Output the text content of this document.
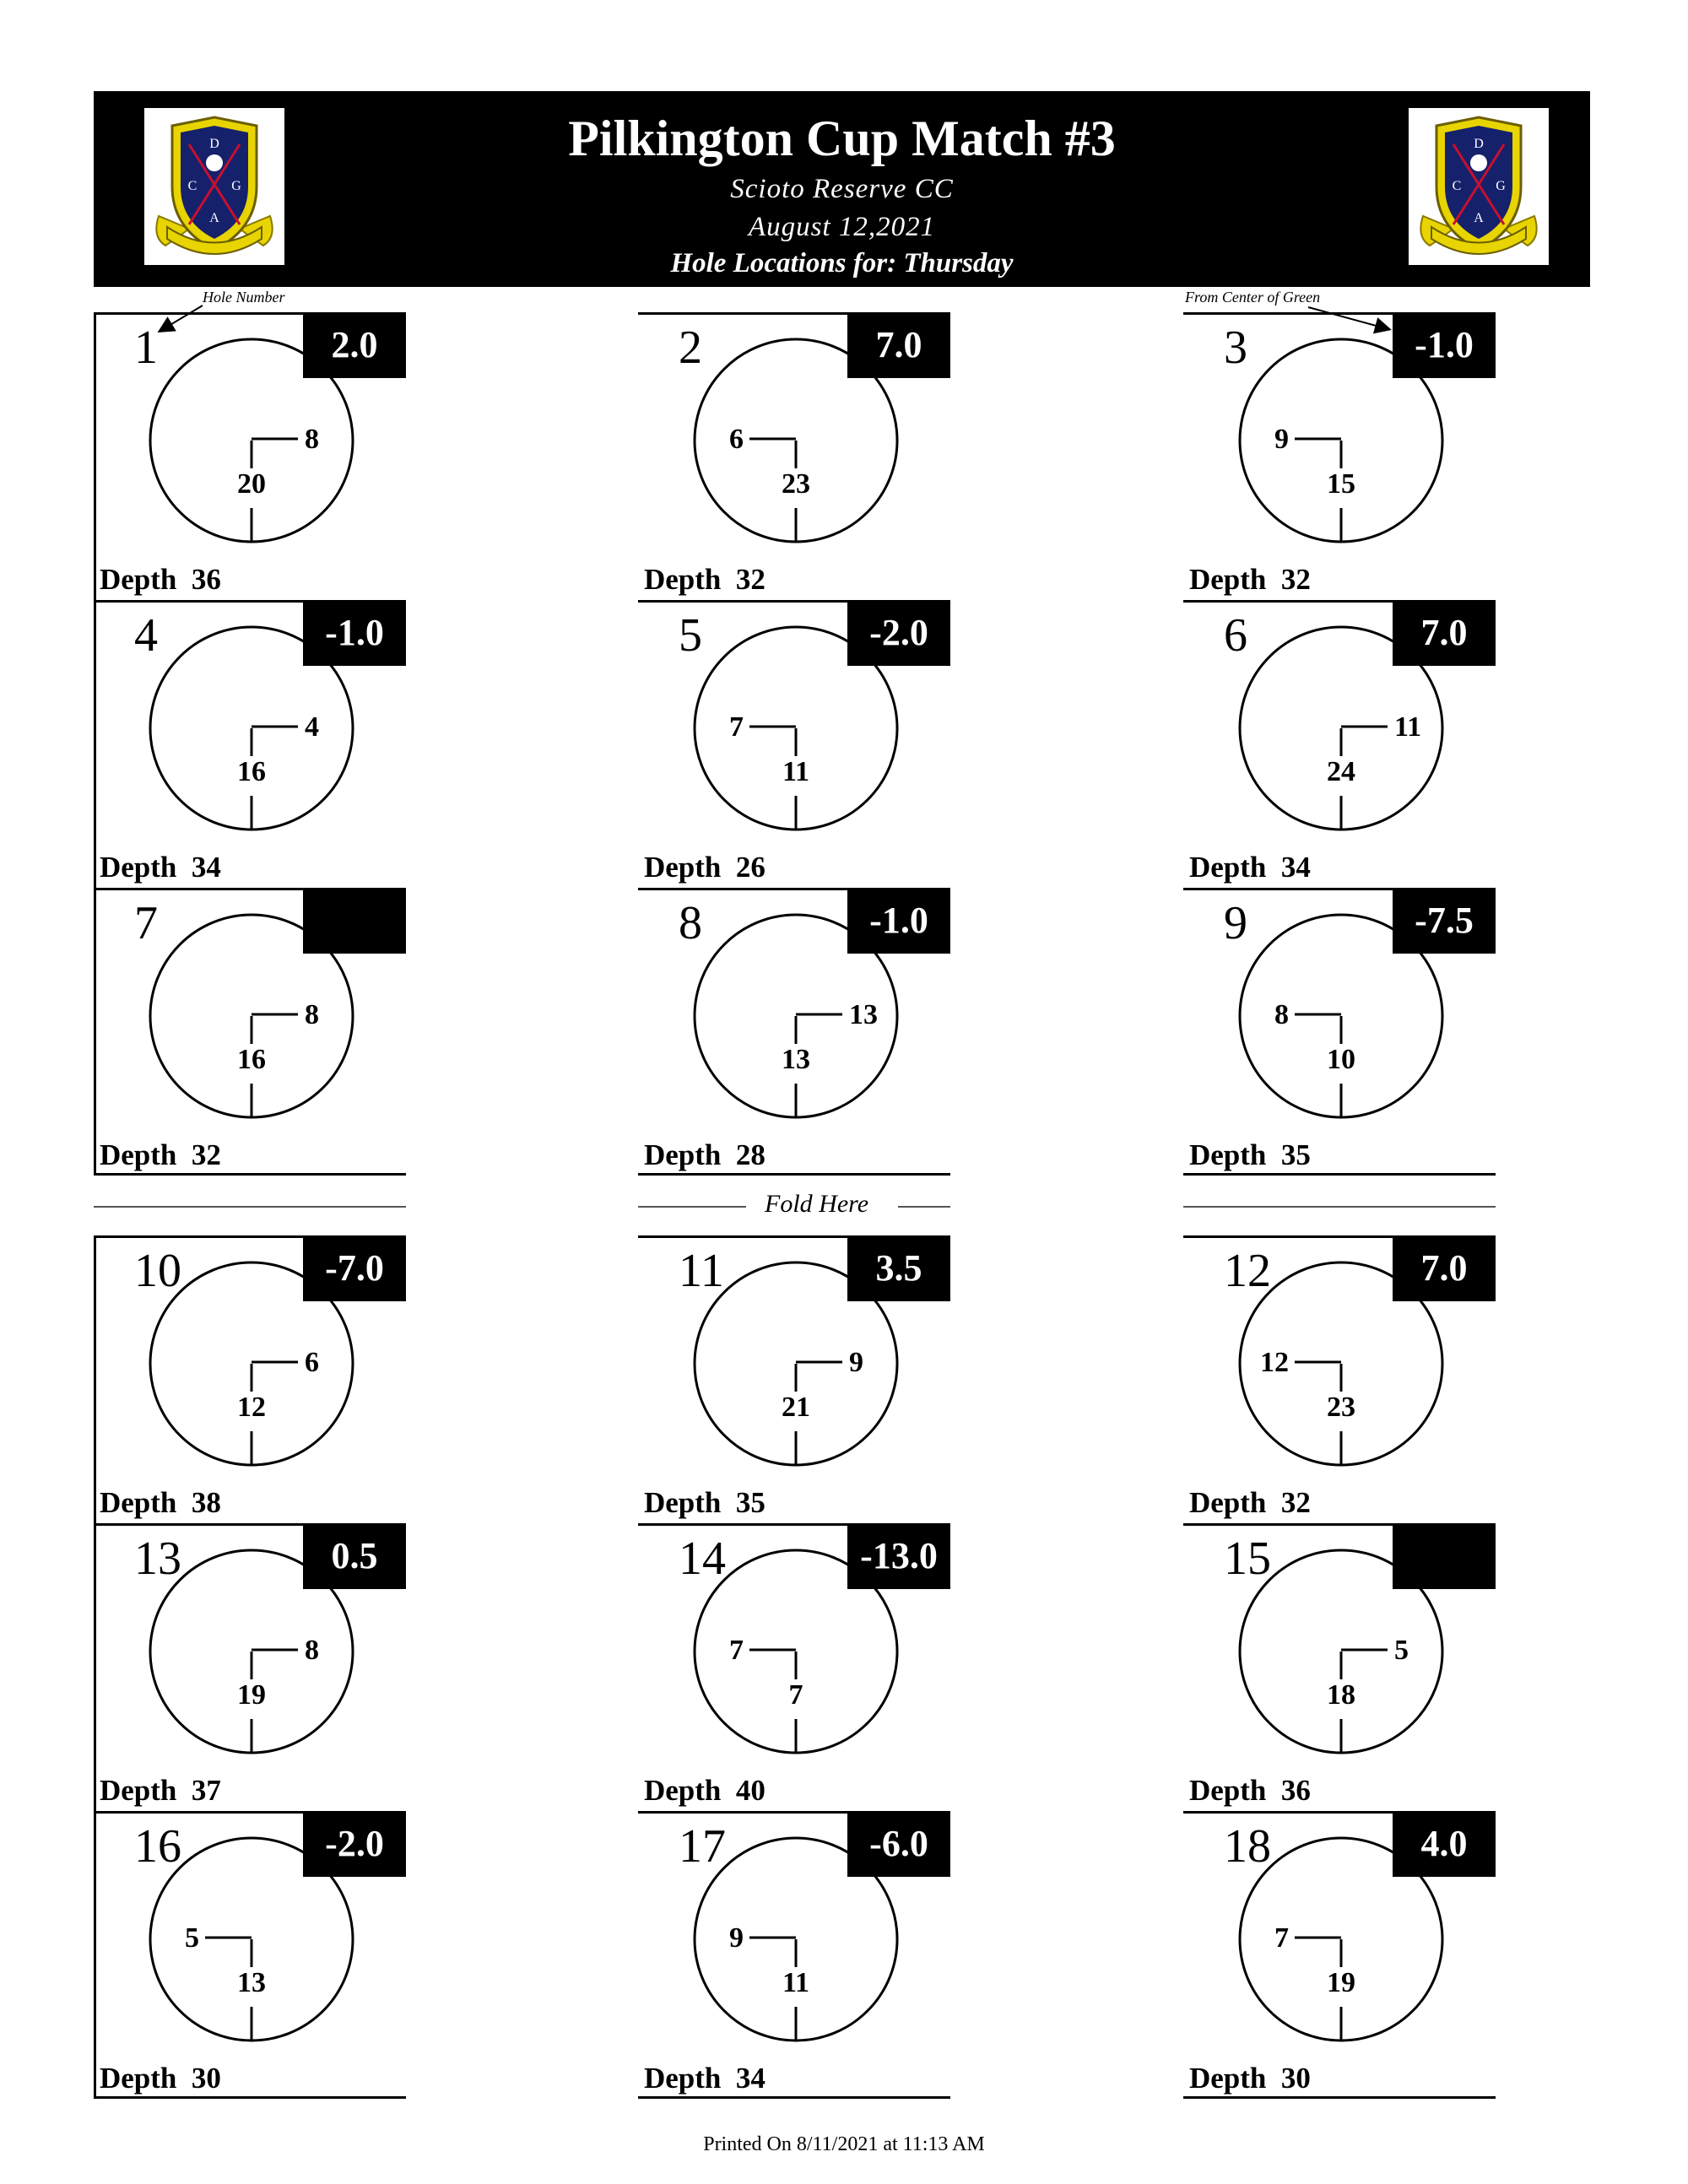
D
C	G
A
Pilkington Cup Match #3
Scioto Reserve CC
August 12,2021
Hole Locations for: Thursday
D
C	G
A
Hole Number	From Center of Green
1	2.0
8
20
Depth  36
2	7.0
6
23
Depth  32
3	-1.0
9
15
Depth  32
4	-1.0
4
16
Depth  34
5	-2.0
7
11
Depth  26
6	7.0
11
24
Depth  34
7
8
16
Depth  32
8	-1.0
13
13
Depth  28
9	-7.5
8
10
Depth  35
10	-7.0
6
12
Depth  38
11	3.5
9
21
Depth  35
12	7.0
12
23
Depth  32
13	0.5
8
19
Depth  37
14	-13.0
7
7
Depth  40
15
5
18
Depth  36
16	-2.0
5
13
Depth  30
17	-6.0
9
11
Depth  34
18	4.0
7
19
Depth  30
Fold Here
Printed On 8/11/2021 at 11:13 AM
